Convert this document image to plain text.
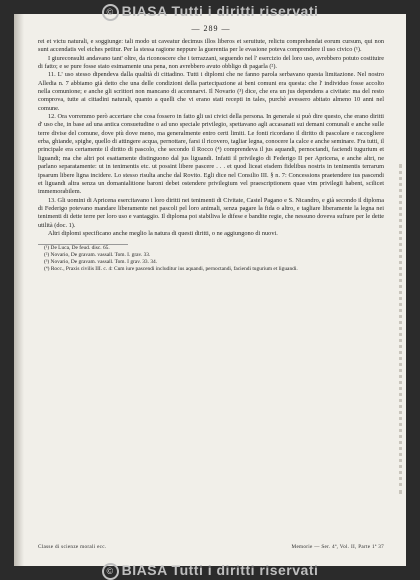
© BIASA Tutti i diritti riservati
— 289 —

rei et victu naturali, e soggiunge: tali modo ut caveatur decimus illos liberos et seruitute, relictu comprehendat eorum cursum, qui non sunt accendatis vel eiches petitur. Per la stessa ragione neppure la guerentia per le evasione poteva comprendere il uso civico (¹).

I giureconsulti andavano tant' oltre, da riconoscere che i terrazzani, seguendo nel l' esercizio del loro uso, avrebbero potuto costituire di fatto; e se pure fosse stato esimamente una pena, non avrebbero avuto obbligo di pagarla (²).

11. L' uso stesso dipendeva dalla qualità di cittadino. Tutti i diplomi che ne fanno parola serbavano questa limitazione. Nel nostro Alledia n. 7 abbiamo già detto che una delle condizioni della partecipazione ai beni comuni era questa: che l' individuo fosse accolto nella comunione; e anche gli scrittori non mancano di accennarvi. Il Novario (³) dice, che era un jus dependens a civitate: ma del resto comprova, tutte ai cittadini naturali, quanto a quelli che vi erano stati recepti in tales, purchè avessero abitato almeno 10 anni nel comune.

12. Ora vorremmo però accertare che cosa fossero in fatto gli usi civici della persona. In generale si può dire questo, che erano diritti d' uso che, in base ad una antica consuetudine o ad uno speciale privilegio, spettavano agli accasanati sui demani comunali e anche sulle terre divise del comune, dove più dove meno, ma generalmente entro certi limiti. Le fonti ricordano il diritto di pascolare e raccogliere erba, ghiande, spighe, quello di attingere acqua, pernottare, farsi il ricovero, tagliar legna, conocere la calce e anche seminare. Fra tutti, il principale era certamente il diritto di pascolo, che secondo il Rocco (⁴) comprendeva il jus aquandi, pernoctandi, faciendi tugurium et liguandi; ma che altri poi esattamente distinguono dal jus liguandi. Infatti il privilegio di Federigo II per Apricena, e anche altri, ne parlano separatamente: ut in tenimentis etc. ut possint libere pascere . . . et quod liceat eisdem fidelibus nostris in tenimentis terrarum ipsarum libere ligna incidere. Lo stesso risulta anche dal Rovito. Egli dice nel Consilio III. § n. 7: Concessions praetendere ius pascendi et liguandi altra senza un domanialitione baroni debet ostendere privilegium vel praescriptionem quae vim privilegii habent, scilicet immemorabilem.

13. Gli uomini di Apricena esercitavano i loro diritti nei tenimenti di Civitate, Castel Pagano e S. Nicandro, e già secondo il diploma di Federigo potevano mandare liberamente nei pascoli pel loro animali, senza pagare la fida o altro, e tagliare liberamente la legna nei tenimenti di dette terre per loro uso e vantaggio. Il diploma poi stabiliva le difese e bandite regie, che nessuno doveva sufrare per le dette utilità (doc. 1).

Altri diplomi specificano anche meglio la natura di questi diritti, o ne aggiungono di nuovi.

(¹) De Luca, De feud. disc. 65.
(²) Novario, De gravam. vassall. Tom. I. grav. 33.
(³) Novario, De gravam. vassall. Tom. I grav. 33. 34.
(⁴) Rocc., Praxis civilis III. c. 4: Cum iure pascendi includitur ius aquandi, pernoctandi, faciendi tugurium et liguandi.
Classe di scienze morali ecc.	Memorie — Ser. 4ª, Vol. II, Parte 1ª 37
© BIASA Tutti i diritti riservati
